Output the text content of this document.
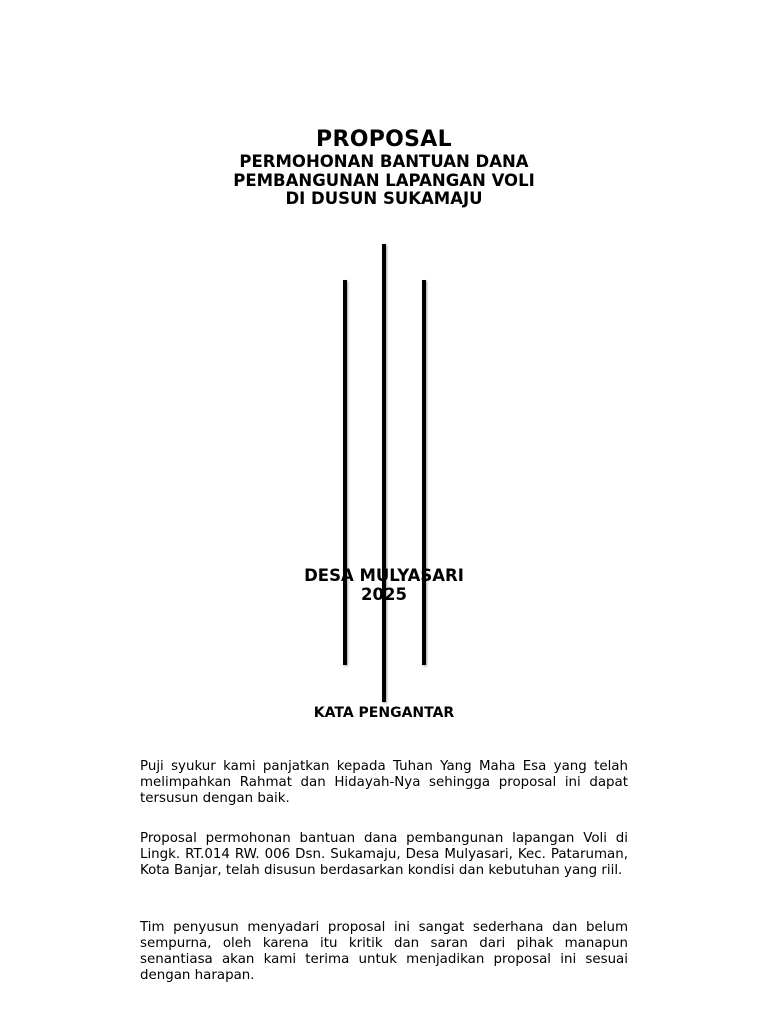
PROPOSAL
PERMOHONAN BANTUAN DANA
PEMBANGUNAN LAPANGAN VOLI
DI DUSUN SUKAMAJU
DESA MULYASARI
2025
KATA PENGANTAR

Puji syukur kami panjatkan kepada Tuhan Yang Maha Esa yang telah melimpahkan Rahmat dan Hidayah-Nya sehingga proposal ini dapat tersusun dengan baik.

Proposal permohonan bantuan dana pembangunan lapangan Voli di Lingk. RT.014 RW. 006 Dsn. Sukamaju, Desa Mulyasari, Kec. Pataruman, Kota Banjar, telah disusun berdasarkan kondisi dan kebutuhan yang riil.

Tim penyusun menyadari proposal ini sangat sederhana dan belum sempurna, oleh karena itu kritik dan saran dari pihak manapun senantiasa akan kami terima untuk menjadikan proposal ini sesuai dengan harapan.
